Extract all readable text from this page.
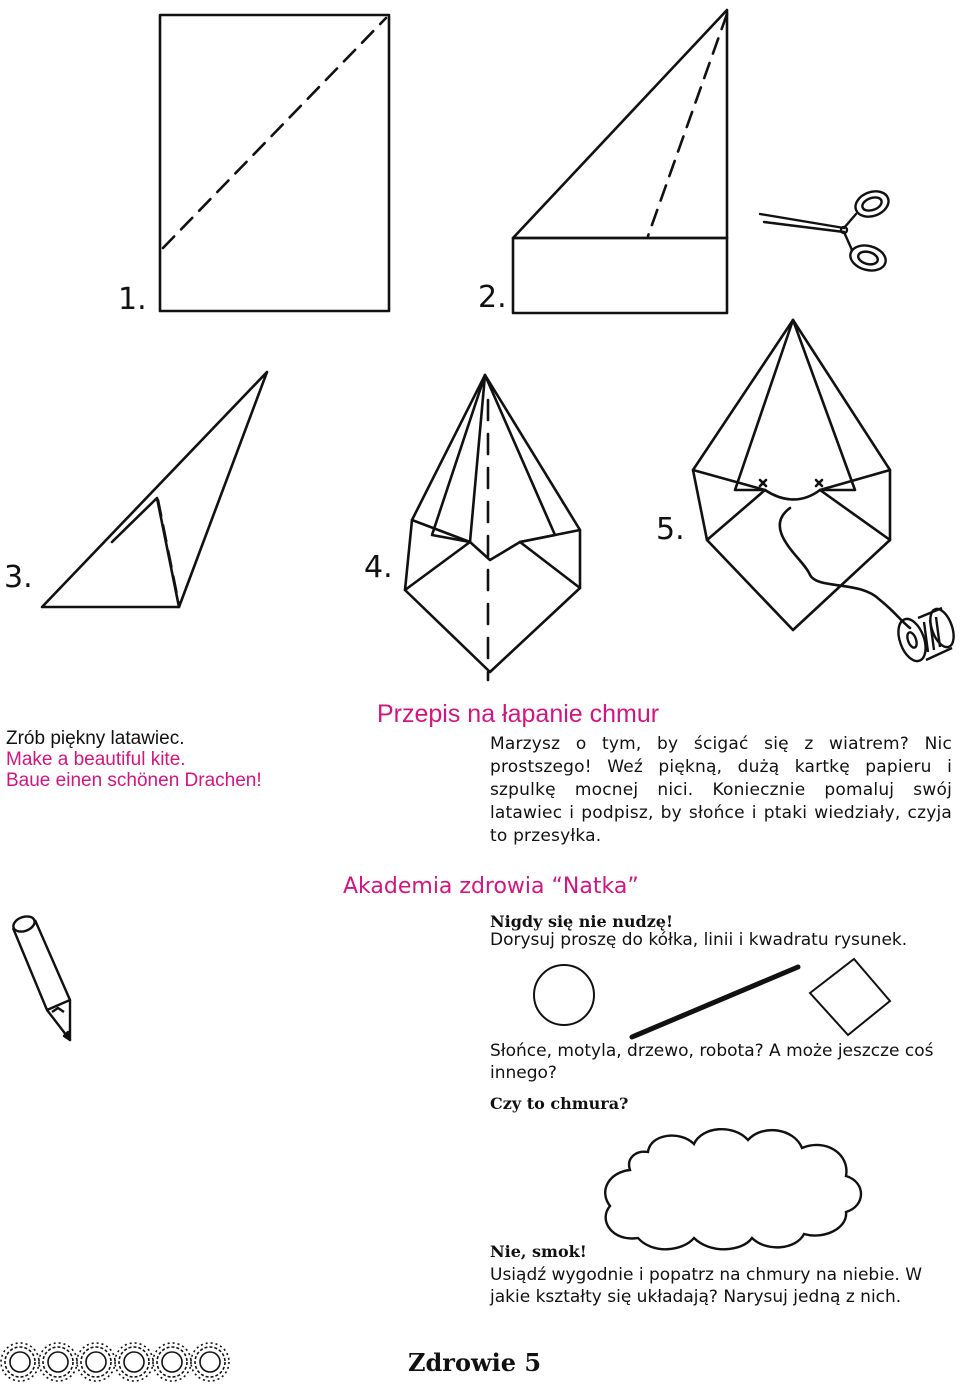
1.	2.
3.	4.
5.
Zrób piękny latawiec.
Make a beautiful kite.
Baue einen schönen Drachen!
Przepis na łapanie chmur
Marzysz o tym, by ścigać się z wiatrem? Nic prostszego! Weź piękną, dużą kartkę papieru i szpulkę mocnej nici. Koniecznie pomaluj swój latawiec i podpisz, by słońce i ptaki wiedziały, czyja to przesyłka.
Akademia zdrowia “Natka”
Nigdy się nie nudzę!
Dorysuj proszę do kółka, linii i kwadratu rysunek.
Słońce, motyla, drzewo, robota? A może jeszcze coś innego?
Czy to chmura?
Nie, smok!
Usiądź wygodnie i popatrz na chmury na niebie. W jakie kształty się układają? Narysuj jedną z nich.
Zdrowie 5
